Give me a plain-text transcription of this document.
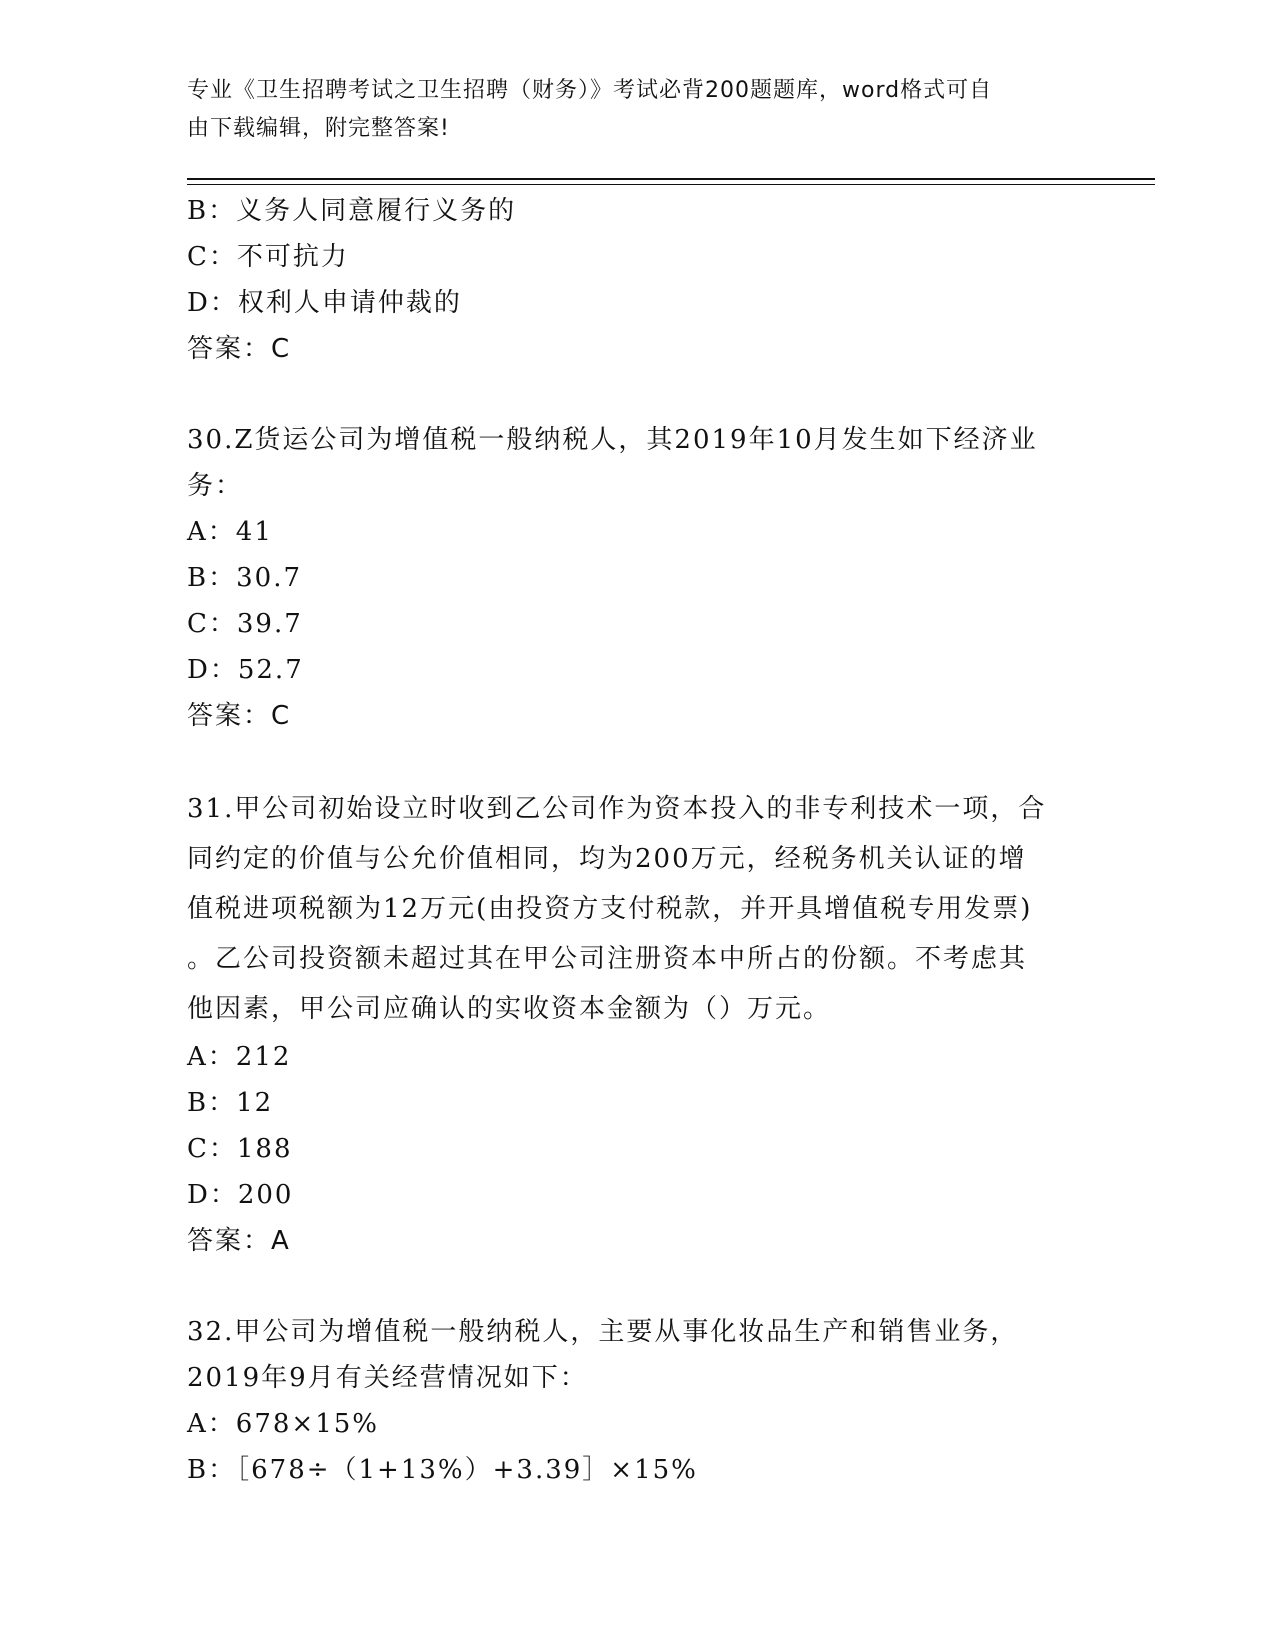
专业《卫生招聘考试之卫生招聘（财务）》考试必背200题题库，word格式可自
由下载编辑，附完整答案!
B：义务人同意履行义务的
C：不可抗力
D：权利人申请仲裁的
答案：C
30.Z货运公司为增值税一般纳税人，其2019年10月发生如下经济业
务：
A：41
B：30.7
C：39.7
D：52.7
答案：C
31.甲公司初始设立时收到乙公司作为资本投入的非专利技术一项，合
同约定的价值与公允价值相同，均为200万元，经税务机关认证的增
值税进项税额为12万元(由投资方支付税款，并开具增值税专用发票)
。乙公司投资额未超过其在甲公司注册资本中所占的份额。不考虑其
他因素，甲公司应确认的实收资本金额为（）万元。
A：212
B：12
C：188
D：200
答案：A
32.甲公司为增值税一般纳税人，主要从事化妆品生产和销售业务，
2019年9月有关经营情况如下：
A：678×15%
B：［678÷（1+13%）+3.39］×15%
